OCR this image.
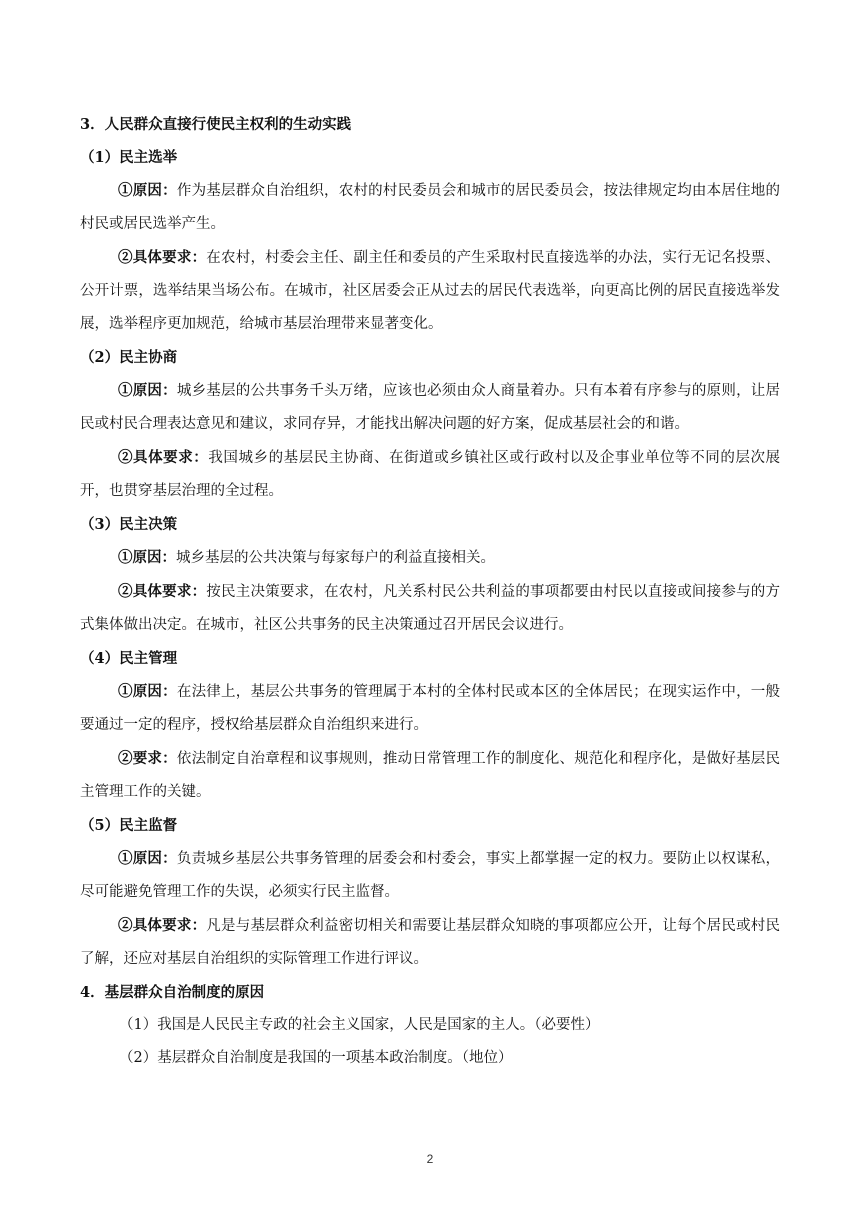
3．人民群众直接行使民主权利的生动实践
（1）民主选举
①原因：作为基层群众自治组织，农村的村民委员会和城市的居民委员会，按法律规定均由本居住地的村民或居民选举产生。
②具体要求：在农村，村委会主任、副主任和委员的产生采取村民直接选举的办法，实行无记名投票、公开计票，选举结果当场公布。在城市，社区居委会正从过去的居民代表选举，向更高比例的居民直接选举发展，选举程序更加规范，给城市基层治理带来显著变化。
（2）民主协商
①原因：城乡基层的公共事务千头万绪，应该也必须由众人商量着办。只有本着有序参与的原则，让居民或村民合理表达意见和建议，求同存异，才能找出解决问题的好方案，促成基层社会的和谐。
②具体要求：我国城乡的基层民主协商、在街道或乡镇社区或行政村以及企事业单位等不同的层次展开，也贯穿基层治理的全过程。
（3）民主决策
①原因：城乡基层的公共决策与每家每户的利益直接相关。
②具体要求：按民主决策要求，在农村，凡关系村民公共利益的事项都要由村民以直接或间接参与的方式集体做出决定。在城市，社区公共事务的民主决策通过召开居民会议进行。
（4）民主管理
①原因：在法律上，基层公共事务的管理属于本村的全体村民或本区的全体居民；在现实运作中，一般要通过一定的程序，授权给基层群众自治组织来进行。
②要求：依法制定自治章程和议事规则，推动日常管理工作的制度化、规范化和程序化，是做好基层民主管理工作的关键。
（5）民主监督
①原因：负责城乡基层公共事务管理的居委会和村委会，事实上都掌握一定的权力。要防止以权谋私，尽可能避免管理工作的失误，必须实行民主监督。
②具体要求：凡是与基层群众利益密切相关和需要让基层群众知晓的事项都应公开，让每个居民或村民了解，还应对基层自治组织的实际管理工作进行评议。
4．基层群众自治制度的原因
（1）我国是人民民主专政的社会主义国家，人民是国家的主人。（必要性）
（2）基层群众自治制度是我国的一项基本政治制度。（地位）
2
